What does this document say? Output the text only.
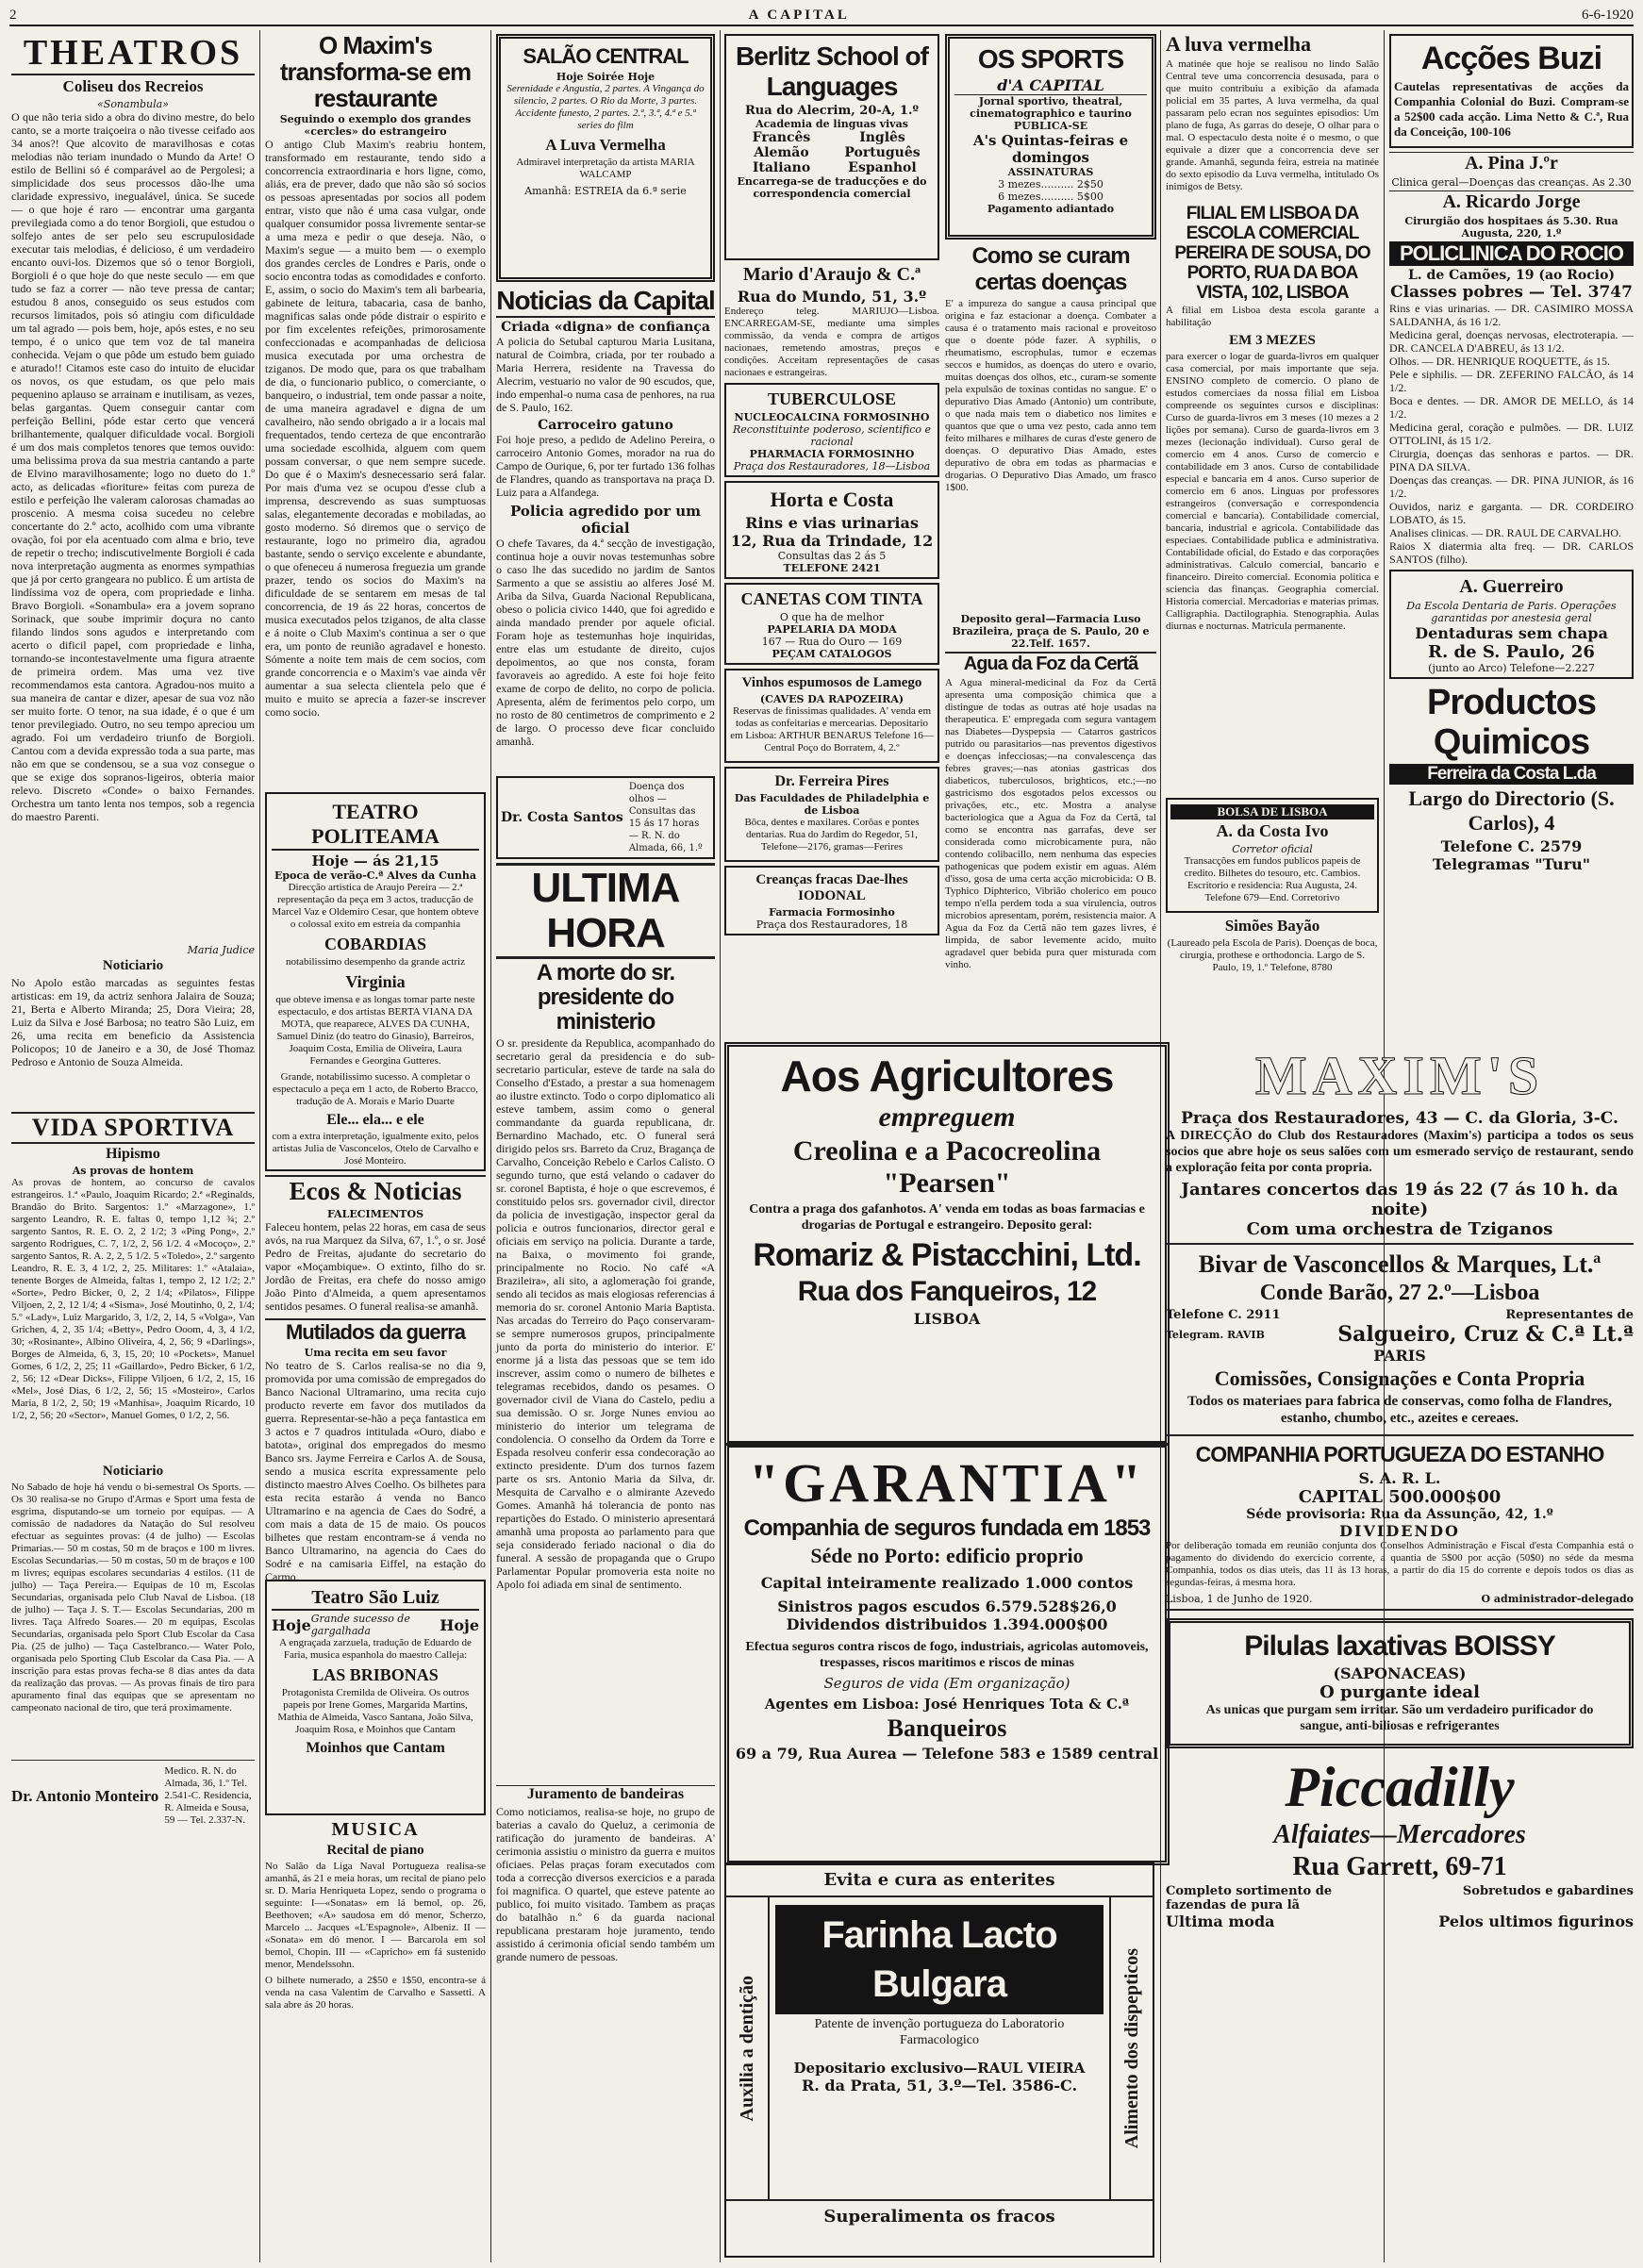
2	A CAPITAL	6-6-1920
THEATROS
Coliseu dos Recreios
«Sonambula»

O que não teria sido a obra do divino mestre, do belo canto, se a morte traiçoeira o não tivesse ceifado aos 34 anos?! Que alcovito de maravilhosas e cotas melodias não teriam inundado o Mundo da Arte! O estilo de Bellini só é comparável ao de Pergolesi; a simplicidade dos seus processos dão-lhe uma claridade expressivo, inegualável, única. Se sucede — o que hoje é raro — encontrar uma garganta previlegiada como a do tenor Borgioli, que estudou o solfejo antes de ser pelo seu escrupulosidade executar tais melodias, é delicioso, é um verdadeiro encanto ouvi-los. Dizemos que só o tenor Borgioli, Borgioli é o que hoje do que neste seculo — em que tudo se faz a correr — não teve pressa de cantar; estudou 8 anos, conseguido os seus estudos com recursos limitados, pois só atingiu com dificuldade um tal agrado — pois bem, hoje, após estes, e no seu tempo, é o unico que tem voz de tal maneira conhecida. Vejam o que pôde um estudo bem guiado e aturado!! Citamos este caso do intuito de elucidar os novos, os que estudam, os que pelo mais pequenino aplauso se arrainam e inutilisam, as vezes, belas gargantas. Quem conseguir cantar com perfeição Bellini, póde estar certo que vencerá brilhantemente, qualquer dificuldade vocal. Borgioli é um dos mais completos tenores que temos ouvido: uma belissima prova da sua mestria cantando a parte de Elvino maravilhosamente; logo no dueto do 1.º acto, as delicadas «fioriture» feitas com pureza de estilo e perfeição lhe valeram calorosas chamadas ao proscenio. A mesma coisa sucedeu no celebre concertante do 2.º acto, acolhido com uma vibrante ovação, foi por ela acentuado com alma e brio, teve de repetir o trecho; indiscutivelmente Borgioli é cada nova interpretação augmenta as enormes sympathias que já por certo grangeara no publico. É um artista de lindíssima voz de opera, com propriedade e linha. Bravo Borgioli. «Sonambula» era a jovem soprano Sorinack, que soube imprimir doçura no canto filando lindos sons agudos e interpretando com acerto o dificil papel, com propriedade e linha, tornando-se incontestavelmente uma figura atraente de primeira ordem. Mas uma vez tive recommendamos esta cantora. Agradou-nos muito a sua maneira de cantar e dizer, apesar de sua voz não ser muito forte. O tenor, na sua idade, é o que é um tenor previlegiado. Outro, no seu tempo apreciou um agrado. Foi um verdadeiro triunfo de Borgioli. Cantou com a devida expressão toda a sua parte, mas não em que se condensou, se a sua voz consegue o que se exige dos sopranos-ligeiros, obteria maior relevo. Discreto «Conde» o baixo Fernandes. Orchestra um tanto lenta nos tempos, sob a regencia do maestro Parenti.

Maria Judice
Noticiario

No Apolo estão marcadas as seguintes festas artisticas: em 19, da actriz senhora Jalaira de Souza; 21, Berta e Alberto Miranda; 25, Dora Vieira; 28, Luiz da Silva e José Barbosa; no teatro São Luiz, em 26, uma recita em beneficio da Assistencia Policopos; 10 de Janeiro e a 30, de José Thomaz Pedroso e Antonio de Souza Almeida.

VIDA SPORTIVA
Hipismo
As provas de hontem

As provas de hontem, ao concurso de cavalos estrangeiros. 1.ª «Paulo, Joaquim Ricardo; 2.ª «Reginalds, Brandão do Brito. Sargentos: 1.º «Marzagone», 1.º sargento Leandro, R. E. faltas 0, tempo 1,12 ¾; 2.º sargento Santos, R. E. O. 2, 2 1/2; 3 «Ping Pong», 2.º sargento Rodrigues, C. 7, 1/2, 2, 56 1/2. 4 «Mocoço», 2.º sargento Santos, R. A. 2, 2, 5 1/2. 5 «Toledo», 2.º sargento Leandro, R. E. 3, 4 1/2, 2, 25. Militares: 1.º «Atalaia», tenente Borges de Almeida, faltas 1, tempo 2, 12 1/2; 2.º «Sorte», Pedro Bicker, 0, 2, 2 1/4; «Pilatos», Filippe Viljoen, 2, 2, 12 1/4; 4 «Sisma», José Moutinho, 0, 2, 1/4; 5.º «Lady», Luiz Margarido, 3, 1/2, 2, 14, 5 «Volga», Van Grichen, 4, 2, 35 1/4; «Betty», Pedro Ooom, 4, 3, 4 1/2, 30; «Rosinante», Albino Oliveira, 4, 2, 56; 9 «Darlings», Borges de Almeida, 6, 3, 15, 20; 10 «Pockets», Manuel Gomes, 6 1/2, 2, 25; 11 «Gaillardo», Pedro Bicker, 6 1/2, 2, 56; 12 «Dear Dicks», Filippe Viljoen, 6 1/2, 2, 15, 16 «Mel», José Dias, 6 1/2, 2, 56; 15 «Mosteiro», Carlos Maria, 8 1/2, 2, 50; 19 «Manhisa», Joaquim Ricardo, 10 1/2, 2, 56; 20 «Sector», Manuel Gomes, 0 1/2, 2, 56.

Noticiario

No Sabado de hoje há vendu o bi-semestral Os Sports. — Os 30 realisa-se no Grupo d'Armas e Sport uma festa de esgrima, disputando-se um torneio por equipas. — A comissão de nadadores da Natação do Sul resolveu efectuar as seguintes provas: (4 de julho) — Escolas Primarias.— 50 m costas, 50 m de braços e 100 m livres. Escolas Secundarias.— 50 m costas, 50 m de braços e 100 m livres; equipas escolares secundarias 4 estilos. (11 de julho) — Taça Pereira.— Equipas de 10 m, Escolas Secundarias, organisada pelo Club Naval de Lisboa. (18 de julho) — Taça J. S. T.— Escolas Secundarias, 200 m livres. Taça Alfredo Soares.— 20 m equipas, Escolas Secundarias, organisada pelo Sport Club Escolar da Casa Pia. (25 de julho) — Taça Castelbranco.— Water Polo, organisada pelo Sporting Club Escolar da Casa Pia. — A inscrição para estas provas fecha-se 8 dias antes da data da realização das provas. — As provas finais de tiro para apuramento final das equipas que se apresentam no campeonato nacional de tiro, que terá proximamente.

Dr. Antonio Monteiro
Medico. R. N. do Almada, 36, 1.º Tel. 2.541-C. Residencia, R. Almeida e Sousa, 59 — Tel. 2.337-N.
O Maxim's transforma-se em restaurante
Seguindo o exemplo dos grandes «cercles» do estrangeiro

O antigo Club Maxim's reabriu hontem, transformado em restaurante, tendo sido a concorrencia extraordinaria e hors ligne, como, aliás, era de prever, dado que não são só socios os pessoas apresentadas por socios all podem entrar, visto que não é uma casa vulgar, onde qualquer consumidor possa livremente sentar-se a uma meza e pedir o que deseja. Não, o Maxim's segue — a muito bem — o exemplo dos grandes cercles de Londres e Paris, onde o socio encontra todas as comodidades e conforto. E, assim, o socio do Maxim's tem ali barbearia, gabinete de leitura, tabacaria, casa de banho, magnificas salas onde póde distrair o espirito e por fim excelentes refeições, primorosamente confeccionadas e acompanhadas de deliciosa musica executada por uma orchestra de tziganos. De modo que, para os que trabalham de dia, o funcionario publico, o comerciante, o banqueiro, o industrial, tem onde passar a noite, de uma maneira agradavel e digna de um cavalheiro, não sendo obrigado a ir a locais mal frequentados, tendo certeza de que encontrarão uma sociedade escolhida, alguem com quem possam conversar, o que nem sempre sucede. Do que é o Maxim's desnecessario será falar. Por mais d'uma vez se ocupou d'esse club a imprensa, descrevendo as suas sumptuosas salas, elegantemente decoradas e mobiladas, ao gosto moderno. Só diremos que o serviço de restaurante, logo no primeiro dia, agradou bastante, sendo o serviço excelente e abundante, o que ofeneceu á numerosa freguezia um grande prazer, tendo os socios do Maxim's na dificuldade de se sentarem em mesas de tal concorrencia, de 19 ás 22 horas, concertos de musica executados pelos tziganos, de alta classe e á noite o Club Maxim's continua a ser o que era, um ponto de reunião agradavel e honesto. Sómente a noite tem mais de cem socios, com grande concorrencia e o Maxim's vae ainda vêr aumentar a sua selecta clientela pelo que é muito e muito se aprecia a fazer-se inscrever como socio.

TEATRO POLITEAMA
Hoje — ás 21,15
Epoca de verão-C.ª Alves da Cunha

Direcção artistica de Araujo Pereira — 2.ª representação da peça em 3 actos, traducção de Marcel Vaz e Oldemiro Cesar, que hontem obteve o colossal exito em estreia da companhia

COBARDIAS

notabilissimo desempenho da grande actriz

Virginia

que obteve imensa e as longas tomar parte neste espectaculo, e dos artistas BERTA VIANA DA MOTA, que reaparece, ALVES DA CUNHA, Samuel Diniz (do teatro do Ginasio), Barreiros, Joaquim Costa, Emilia de Oliveira, Laura Fernandes e Georgina Gutteres.

Grande, notabilissimo sucesso. A completar o espectaculo a peça em 1 acto, de Roberto Bracco, tradução de A. Morais e Mario Duarte

Ele... ela... e ele

com a extra interpretação, igualmente exito, pelos artistas Julia de Vasconcelos, Otelo de Carvalho e José Monteiro.

Ecos & Noticias
FALECIMENTOS

Faleceu hontem, pelas 22 horas, em casa de seus avós, na rua Marquez da Silva, 67, 1.º, o sr. José Pedro de Freitas, ajudante do secretario do vapor «Moçambique». O extinto, filho do sr. Jordão de Freitas, era chefe do nosso amigo João Pinto d'Almeida, a quem apresentamos sentidos pesames. O funeral realisa-se amanhã.

Mutilados da guerra
Uma recita em seu favor

No teatro de S. Carlos realisa-se no dia 9, promovida por uma comissão de empregados do Banco Nacional Ultramarino, uma recita cujo producto reverte em favor dos mutilados da guerra. Representar-se-hão a peça fantastica em 3 actos e 7 quadros intitulada «Ouro, diabo e batota», original dos empregados do mesmo Banco srs. Jayme Ferreira e Carlos A. de Sousa, sendo a musica escrita expressamente pelo distincto maestro Alves Coelho. Os bilhetes para esta recita estarão á venda no Banco Ultramarino e na agencia de Caes do Sodré, a com mais a data de 15 de maio. Os poucos bilhetes que restam encontram-se á venda no Banco Ultramarino, na agencia do Caes do Sodré e na camisaria Eiffel, na estação do Carmo.

Teatro São Luiz
Hoje Grande sucesso de gargalhada	Hoje

A engraçada zarzuela, tradução de Eduardo de Faria, musica espanhola do maestro Calleja:

LAS BRIBONAS

Protagonista Cremilda de Oliveira. Os outros papeis por Irene Gomes, Margarida Martins, Mathia de Almeida, Vasco Santana, João Silva, Joaquim Rosa, e Moinhos que Cantam

Moinhos que Cantam
MUSICA
Recital de piano

No Salão da Liga Naval Portugueza realisa-se amanhã, ás 21 e meia horas, um recital de piano pelo sr. D. Maria Henriqueta Lopez, sendo o programa o seguinte: I—«Sonatas» em lá bemol, op. 26, Beethoven; «A» saudosa em dó menor, Scherzo, Marcelo ... Jacques «L'Espagnole», Albeniz. II — «Sonata» em dó menor. I — Barcarola em sol bemol, Chopin. III — «Capricho» em fá sustenido menor, Mendelssohn.

O bilhete numerado, a 2$50 e 1$50, encontra-se á venda na casa Valentim de Carvalho e Sassetti. A sala abre ás 20 horas.

SALÃO CENTRAL
Hoje Soirée Hoje

Serenidade e Angustia, 2 partes. A Vingança do silencio, 2 partes. O Rio da Morte, 3 partes. Accidente funesto, 2 partes. 2.ª, 3.ª, 4.ª e 5.ª series do film

A Luva Vermelha

Admiravel interpretação da artista MARIA WALCAMP

Amanhã: ESTREIA da 6.ª serie
Noticias da Capital
Criada «digna» de confiança

A policia do Setubal capturou Maria Lusitana, natural de Coimbra, criada, por ter roubado a Maria Herrera, residente na Travessa do Alecrim, vestuario no valor de 90 escudos, que, indo empenhal-o numa casa de penhores, na rua de S. Paulo, 162.

Carroceiro gatuno

Foi hoje preso, a pedido de Adelino Pereira, o carroceiro Antonio Gomes, morador na rua do Campo de Ourique, 6, por ter furtado 136 folhas de Flandres, quando as transportava na praça D. Luiz para a Alfandega.

Policia agredido por um oficial

O chefe Tavares, da 4.ª secção de investigação, continua hoje a ouvir novas testemunhas sobre o caso lhe das sucedido no jardim de Santos Sarmento a que se assistiu ao alferes José M. Ariba da Silva, Guarda Nacional Republicana, obeso o policia civico 1440, que foi agredido e ainda mandado prender por aquele oficial. Foram hoje as testemunhas hoje inquiridas, entre elas um estudante de direito, cujos depoimentos, ao que nos consta, foram favoraveis ao agredido. A este foi hoje feito exame de corpo de delito, no corpo de policia. Apresenta, além de ferimentos pelo corpo, um no rosto de 80 centimetros de comprimento e 2 de largo. O processo deve ficar concluido amanhã.

Dr. Costa Santos
Doença dos olhos — Consultas das 15 ás 17 horas — R. N. do Almada, 66, 1.º
ULTIMA HORA
A morte do sr. presidente do ministerio

O sr. presidente da Republica, acompanhado do secretario geral da presidencia e do sub-secretario particular, esteve de tarde na sala do Conselho d'Estado, a prestar a sua homenagem ao ilustre extincto. Todo o corpo diplomatico ali esteve tambem, assim como o general commandante da guarda republicana, dr. Bernardino Machado, etc. O funeral será dirigido pelos srs. Barreto da Cruz, Bragança de Carvalho, Conceição Rebelo e Carlos Calisto. O segundo turno, que está velando o cadaver do sr. coronel Baptista, é hoje o que escrevemos, é constituido pelos srs. governador civil, director da policia de investigação, inspector geral da policia e outros funcionarios, director geral e oficiais em serviço na policia. Durante a tarde, na Baixa, o movimento foi grande, principalmente no Rocio. No café «A Brazileira», ali sito, a aglomeração foi grande, sendo ali tecidos as mais elogiosas referencias á memoria do sr. coronel Antonio Maria Baptista. Nas arcadas do Terreiro do Paço conservaram-se sempre numerosos grupos, principalmente junto da porta do ministerio do interior. E' enorme já a lista das pessoas que se tem ido inscrever, assim como o numero de bilhetes e telegramas recebidos, dando os pesames. O governador civil de Viana do Castelo, pediu a sua demissão. O sr. Jorge Nunes enviou ao ministerio do interior um telegrama de condolencia. O conselho da Ordem da Torre e Espada resolveu conferir essa condecoração ao extincto presidente. D'um dos turnos fazem parte os srs. Antonio Maria da Silva, dr. Mesquita de Carvalho e o almirante Azevedo Gomes. Amanhã há tolerancia de ponto nas repartições do Estado. O ministerio apresentará amanhã uma proposta ao parlamento para que seja considerado feriado nacional o dia do funeral. A sessão de propaganda que o Grupo Parlamentar Popular promoveria esta noite no Apolo foi adiada em sinal de sentimento.

Juramento de bandeiras

Como noticiamos, realisa-se hoje, no grupo de baterias a cavalo do Queluz, a cerimonia de ratificação do juramento de bandeiras. A' cerimonia assistiu o ministro da guerra e muitos oficiaes. Pelas praças foram executados com toda a correcção diversos exercicios e a parada foi magnifica. O quartel, que esteve patente ao publico, foi muito visitado. Tambem as praças do batalhão n.º 6 da guarda nacional republicana prestaram hoje juramento, tendo assistido á cerimonia oficial sendo também um grande numero de pessoas.

Berlitz School of Languages
Rua do Alecrim, 20-A, 1.º
Academia de linguas vivas
Francês	Inglês
Alemão	Português
Italiano	Espanhol
Encarrega-se de traducções e do correspondencia comercial
Mario d'Araujo & C.ª
Rua do Mundo, 51, 3.º

Endereço teleg. MARIUJO—Lisboa. ENCARREGAM-SE, mediante uma simples commissão, da venda e compra de artigos nacionaes, remetendo amostras, preços e condições. Acceitam representações de casas nacionaes e estrangeiras.

TUBERCULOSE
NUCLEOCALCINA FORMOSINHO
Reconstituinte poderoso, scientifico e racional
PHARMACIA FORMOSINHO
Praça dos Restauradores, 18—Lisboa
Horta e Costa
Rins e vias urinarias
12, Rua da Trindade, 12
Consultas das 2 ás 5
TELEFONE 2421
CANETAS COM TINTA
O que ha de melhor
PAPELARIA DA MODA
167 — Rua do Ouro — 169
PEÇAM CATALOGOS
Vinhos espumosos de Lamego
(CAVES DA RAPOZEIRA)

Reservas de finissimas qualidades. A' venda em todas as confeitarias e mercearias. Depositario em Lisboa: ARTHUR BENARUS Telefone 16—Central Poço do Borratem, 4, 2.º

Dr. Ferreira Pires
Das Faculdades de Philadelphia e de Lisboa

Bôca, dentes e maxilares. Corôas e pontes dentarias. Rua do Jardim do Regedor, 51, Telefone—2176, gramas—Ferires

Creanças fracas Dae-lhes IODONAL
Farmacia Formosinho
Praça dos Restauradores, 18
OS SPORTS
d'A CAPITAL
Jornal sportivo, theatral, cinematographico e taurino
PUBLICA-SE
A's Quintas-feiras e domingos
ASSINATURAS
3 mezes.......... 2$50
6 mezes.......... 5$00
Pagamento adiantado
Como se curam certas doenças

E' a impureza do sangue a causa principal que origina e faz estacionar a doença. Combater a causa é o tratamento mais racional e proveitoso que o doente póde fazer. A syphilis, o rheumatismo, escrophulas, tumor e eczemas seccos e humidos, as doenças do utero e ovario, muitas doenças dos olhos, etc., curam-se somente pela expulsão de toxinas contidas no sangue. E' o depurativo Dias Amado (Antonio) um contribute, o que nada mais tem o diabetico nos limites e quantos que que o uma vez pesto, cada anno tem feito milhares e milhares de curas d'este genero de doenças. O depurativo Dias Amado, estes depurativo de obra em todas as pharmacias e drogarias. O Depurativo Dias Amado, um frasco 1$00.

Deposito geral—Farmacia Luso Brazileira, praça de S. Paulo, 20 e 22.Telf. 1657.
Agua da Foz da Certã

A Agua mineral-medicinal da Foz da Certã apresenta uma composição chimica que a distingue de todas as outras até hoje usadas na therapeutica. E' empregada com segura vantagem nas Diabetes—Dyspepsia — Catarros gastricos putrido ou parasitarios—nas preventos digestivos e doenças infecciosas;—na convalescença das febres graves;—nas atonias gastricas dos diabeticos, tuberculosos, brighticos, etc.;—no gastricismo dos esgotados pelos excessos ou privações, etc., etc. Mostra a analyse bacteriologica que a Agua da Foz da Certã, tal como se encontra nas garrafas, deve ser considerada como microbicamente pura, não contendo colibacillo, nem nenhuma das especies pathogenicas que podem existir em aguas. Além d'isso, gosa de uma certa acção microbicida: O B. Typhico Diphterico, Vibrião cholerico em pouco tempo n'ella perdem toda a sua virulencia, outros microbios apresentam, porém, resistencia maior. A Agua da Foz da Certã não tem gazes livres, é limpida, de sabor levemente acido, muito agradavel quer bebida pura quer misturada com vinho.

Aos Agricultores
empreguem
Creolina e a Pacocreolina "Pearsen"

Contra a praga dos gafanhotos. A' venda em todas as boas farmacias e drogarias de Portugal e estrangeiro. Deposito geral:

Romariz & Pistacchini, Ltd.
Rua dos Fanqueiros, 12
LISBOA
"GARANTIA"
Companhia de seguros fundada em 1853
Séde no Porto: edificio proprio
Capital inteiramente realizado 1.000 contos
Sinistros pagos escudos 6.579.528$26,0
Dividendos distribuidos 1.394.000$00

Efectua seguros contra riscos de fogo, industriais, agricolas automoveis, trespasses, riscos maritimos e riscos de minas

Seguros de vida (Em organização)
Agentes em Lisboa: José Henriques Tota & C.ª
Banqueiros
69 a 79, Rua Aurea — Telefone 583 e 1589 central
Evita e cura as enterites
Auxilia a dentição
Farinha Lacto Bulgara

Patente de invenção portugueza do Laboratorio Farmacologico

Depositario exclusivo—RAUL VIEIRA
R. da Prata, 51, 3.º—Tel. 3586-C.	Alimento dos dispepticos
Superalimenta os fracos
A luva vermelha

A matinée que hoje se realisou no lindo Salão Central teve uma concorrencia desusada, para o que muito contribuiu a exibição da afamada policial em 35 partes, A luva vermelha, da qual passaram pelo ecran nos seguintes episodios: Um plano de fuga, As garras do deseje, O olhar para o mal. O espectaculo desta noite é o mesmo, o que equivale a dizer que a concorrencia deve ser grande. Amanhã, segunda feira, estreia na matinée do sexto episodio da Luva vermelha, intitulado Os inimigos de Betsy.

FILIAL EM LISBOA DA ESCOLA COMERCIAL PEREIRA DE SOUSA, DO PORTO, RUA DA BOA VISTA, 102, LISBOA

A filial em Lisboa desta escola garante a habilitação

EM 3 MEZES

para exercer o logar de guarda-livros em qualquer casa comercial, por mais importante que seja. ENSINO completo de comercio. O plano de estudos comerciaes da nossa filial em Lisboa compreende os seguintes cursos e disciplinas: Curso de guarda-livros em 3 meses (10 mezes a 2 lições por semana). Curso de guarda-livros em 3 mezes (lecionação individual). Curso geral de comercio em 4 anos. Curso de comercio e contabilidade em 3 anos. Curso de contabilidade especial e bancaria em 4 anos. Curso superior de comercio em 6 anos. Linguas por professores estrangeiros (conversação e correspondencia comercial e bancaria). Contabilidade comercial, bancaria, industrial e agricola. Contabilidade das especiaes. Contabilidade publica e administrativa. Contabilidade oficial, do Estado e das corporações administrativas. Calculo comercial, bancario e financeiro. Direito comercial. Economia politica e sciencia das finanças. Geographia comercial. Historia comercial. Mercadorias e materias primas. Calligraphia. Dactilographia. Stenographia. Aulas diurnas e nocturnas. Matricula permanente.

BOLSA DE LISBOA
A. da Costa Ivo
Corretor oficial

Transacções em fundos publicos papeis de credito. Bilhetes do tesouro, etc. Cambios. Escritorio e residencia: Rua Augusta, 24. Telefone 679—End. Corretorivo

Simões Bayão

(Laureado pela Escola de Paris). Doenças de boca, cirurgia, prothese e orthodoncia. Largo de S. Paulo, 19, 1.º Telefone, 8780

MAXIM'S
Praça dos Restauradores, 43 — C. da Gloria, 3-C.

A DIRECÇÃO do Club dos Restauradores (Maxim's) participa a todos os seus socios que abre hoje os seus salões com um esmerado serviço de restaurant, sendo a exploração feita por conta propria.

Jantares concertos das 19 ás 22 (7 ás 10 h. da noite)
Com uma orchestra de Tziganos
Bivar de Vasconcellos & Marques, Lt.ª
Conde Barão, 27 2.º—Lisboa
Telefone C. 2911	Representantes de
Telegram. RAVIB	Salgueiro, Cruz & C.ª Lt.ª
PARIS
Comissões, Consignações e Conta Propria

Todos os materiaes para fabrica de conservas, como folha de Flandres, estanho, chumbo, etc., azeites e cereaes.

COMPANHIA PORTUGUEZA DO ESTANHO
S. A. R. L.
CAPITAL 500.000$00
Séde provisoria: Rua da Assunção, 42, 1.º
DIVIDENDO

Por deliberação tomada em reunião conjunta dos Conselhos Administração e Fiscal d'esta Companhia está o pagamento do dividendo do exercicio corrente, a quantia de 5$00 por acção (50$0) no séde da mesma Companhia, todos os dias uteis, das 11 ás 13 horas, a partir do dia 15 do corrente e depois todos os dias as segundas-feiras, á mesma hora.

Lisboa, 1 de Junho de 1920.	O administrador-delegado
Pilulas laxativas BOISSY
(SAPONACEAS)
O purgante ideal

As unicas que purgam sem irritar. São um verdadeiro purificador do sangue, anti-biliosas e refrigerantes

Piccadilly
Alfaiates—Mercadores
Rua Garrett, 69-71
Completo sortimento de fazendas de pura lã
Sobretudos e gabardines
Ultima moda	Pelos ultimos figurinos
Acções Buzi

Cautelas representativas de acções da Companhia Colonial do Buzi. Compram-se a 52$00 cada acção. Lima Netto & C.ª, Rua da Conceição, 100-106

A. Pina J.ºr
Clinica geral—Doenças das creanças. As 2.30
A. Ricardo Jorge
Cirurgião dos hospitaes ás 5.30. Rua Augusta, 220, 1.º
POLICLINICA DO ROCIO
L. de Camões, 19 (ao Rocio)
Classes pobres — Tel. 3747
Rins e vias urinarias. — DR. CASIMIRO MOSSA SALDANHA, ás 16 1/2.
Medicina geral, doenças nervosas, electroterapia. — DR. CANCELA D'ABREU, ás 13 1/2.
Olhos. — DR. HENRIQUE ROQUETTE, ás 15.
Pele e siphilis. — DR. ZEFERINO FALCÃO, ás 14 1/2.
Boca e dentes. — DR. AMOR DE MELLO, ás 14 1/2.
Medicina geral, coração e pulmões. — DR. LUIZ OTTOLINI, ás 15 1/2.
Cirurgia, doenças das senhoras e partos. — DR. PINA DA SILVA.
Doenças das creanças. — DR. PINA JUNIOR, ás 16 1/2.
Ouvidos, nariz e garganta. — DR. CORDEIRO LOBATO, ás 15.
Analises clinicas. — DR. RAUL DE CARVALHO.
Raios X diatermia alta freq. — DR. CARLOS SANTOS (filho).
A. Guerreiro
Da Escola Dentaria de Paris. Operações garantidas por anestesia geral
Dentaduras sem chapa
R. de S. Paulo, 26
(junto ao Arco) Telefone—2.227
Productos Quimicos
Ferreira da Costa L.da
Largo do Directorio (S. Carlos), 4
Telefone C. 2579
Telegramas "Turu"
